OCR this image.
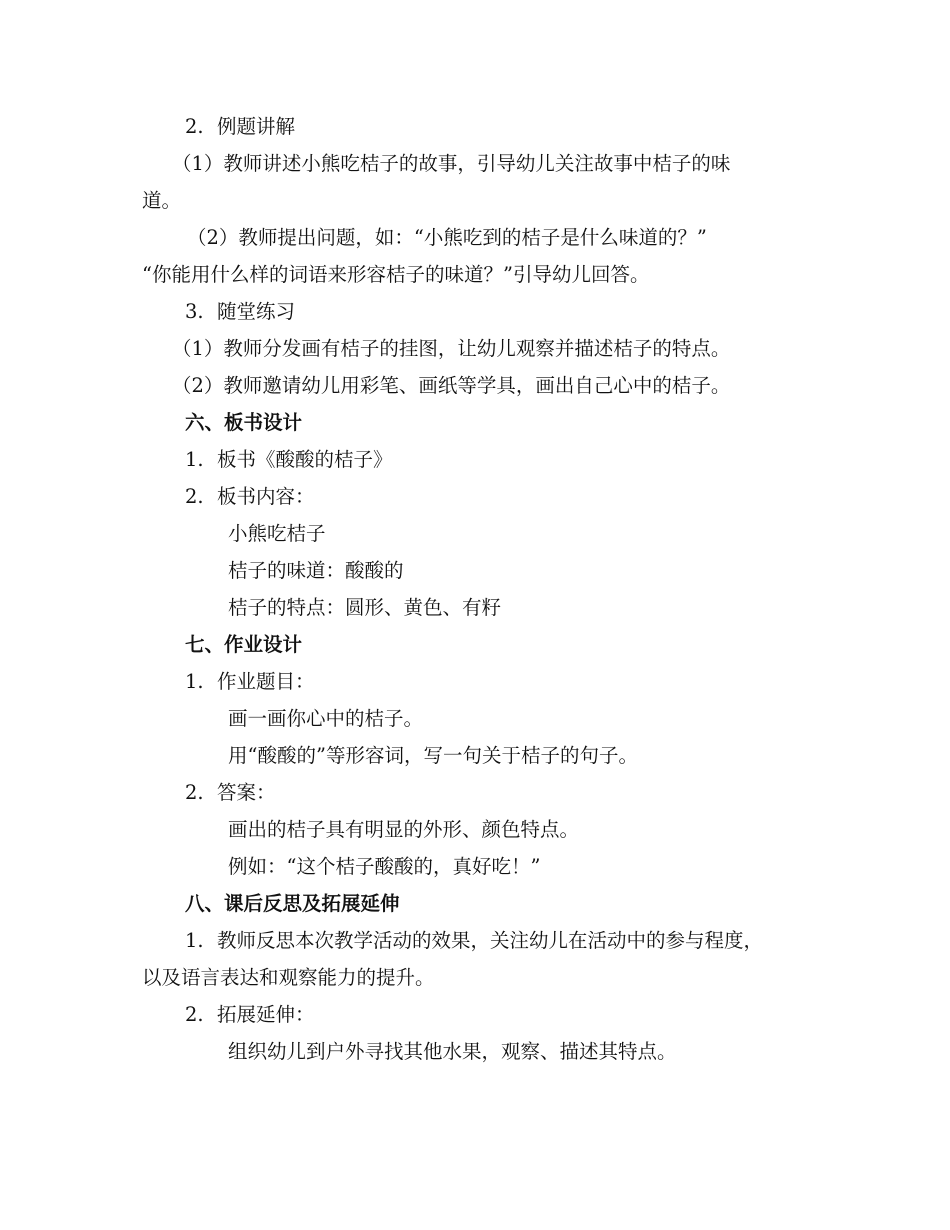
2. 例题讲解
（1）教师讲述小熊吃桔子的故事，引导幼儿关注故事中桔子的味
道。
（2）教师提出问题，如：“小熊吃到的桔子是什么味道的？”
“你能用什么样的词语来形容桔子的味道？”引导幼儿回答。
3. 随堂练习
（1）教师分发画有桔子的挂图，让幼儿观察并描述桔子的特点。
（2）教师邀请幼儿用彩笔、画纸等学具，画出自己心中的桔子。
六、板书设计
1. 板书《酸酸的桔子》
2. 板书内容：
小熊吃桔子
桔子的味道：酸酸的
桔子的特点：圆形、黄色、有籽
七、作业设计
1. 作业题目：
画一画你心中的桔子。
用“酸酸的”等形容词，写一句关于桔子的句子。
2. 答案：
画出的桔子具有明显的外形、颜色特点。
例如：“这个桔子酸酸的，真好吃！”
八、课后反思及拓展延伸
1. 教师反思本次教学活动的效果，关注幼儿在活动中的参与程度，
以及语言表达和观察能力的提升。
2. 拓展延伸：
组织幼儿到户外寻找其他水果，观察、描述其特点。
